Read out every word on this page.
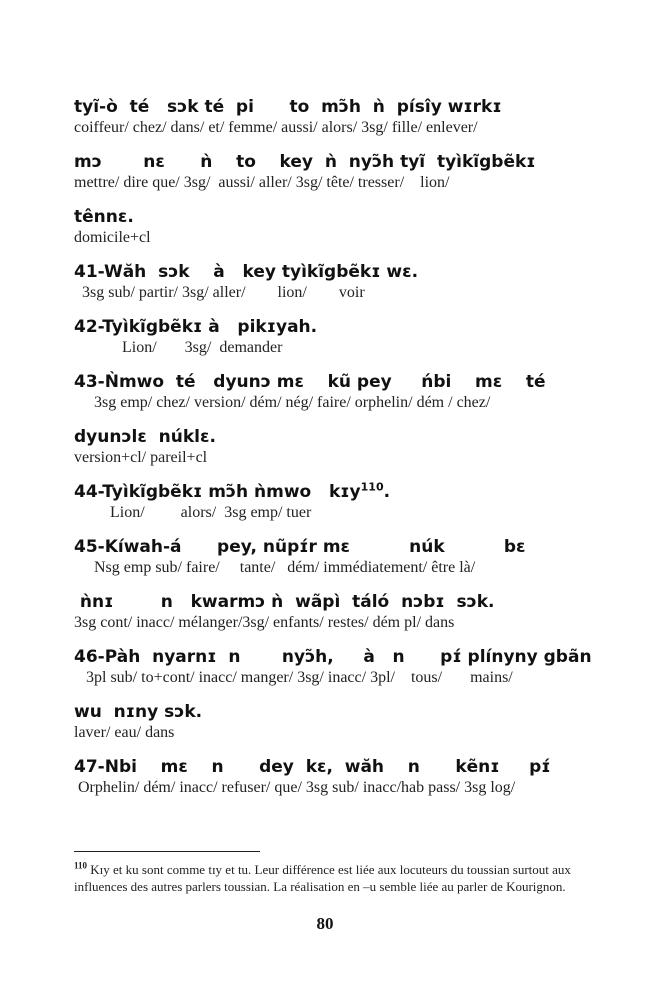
tyĩ-ò  té   sɔk té  pi      to  mɔ̃h  ǹ  písîy wɪrkɪ
coiffeur/ chez/ dans/ et/ femme/ aussi/ alors/ 3sg/ fille/ enlever/
mɔ       nɛ      ǹ    to    key  ǹ  nyɔ̃h tyĩ  tyìkĩgbẽkɪ
mettre/ dire que/ 3sg/  aussi/ aller/ 3sg/ tête/ tresser/    lion/
tênnɛ.
domicile+cl
41-Wăh  sɔk    à   key tyìkĩgbẽkɪ wɛ.
3sg sub/ partir/ 3sg/ aller/        lion/        voir
42-Tyìkĩgbẽkɪ à   pikɪyah.
Lion/       3sg/  demander
43-Ǹmwo  té   dyunɔ mɛ    kũ pey     ńbi    mɛ    té
3sg emp/ chez/ version/ dém/ nég/ faire/ orphelin/ dém / chez/
dyunɔlɛ  núklɛ.
version+cl/ pareil+cl
44-Tyìkĩgbẽkɪ mɔ̃h ǹmwo   kɪy$^{110}$.
Lion/         alors/  3sg emp/ tuer
45-Kíwah-á      pey, nũpɪ́r mɛ          núk          bɛ
Nsg emp sub/ faire/     tante/   dém/ immédiatement/ être là/
ǹnɪ        n   kwarmɔ ǹ  wãpì  táló  nɔbɪ  sɔk.
3sg cont/ inacc/ mélanger/3sg/ enfants/ restes/ dém pl/ dans
46-Pàh  nyarnɪ  n       nyɔ̃h,     à   n      pɪ́ plínyny gbãn
3pl sub/ to+cont/ inacc/ manger/ 3sg/ inacc/ 3pl/    tous/       mains/
wu  nɪny sɔk.
laver/ eau/ dans
47-Nbi    mɛ    n      dey  kɛ,  wăh    n      kẽnɪ     pɪ́
Orphelin/ dém/ inacc/ refuser/ que/ 3sg sub/ inacc/hab pass/ 3sg log/
$^{110}$ Kɪy et ku sont comme tɪy et tu. Leur différence est liée aux locuteurs du toussian surtout aux influences des autres parlers toussian. La réalisation en –u semble liée au parler de Kourignon.
80
